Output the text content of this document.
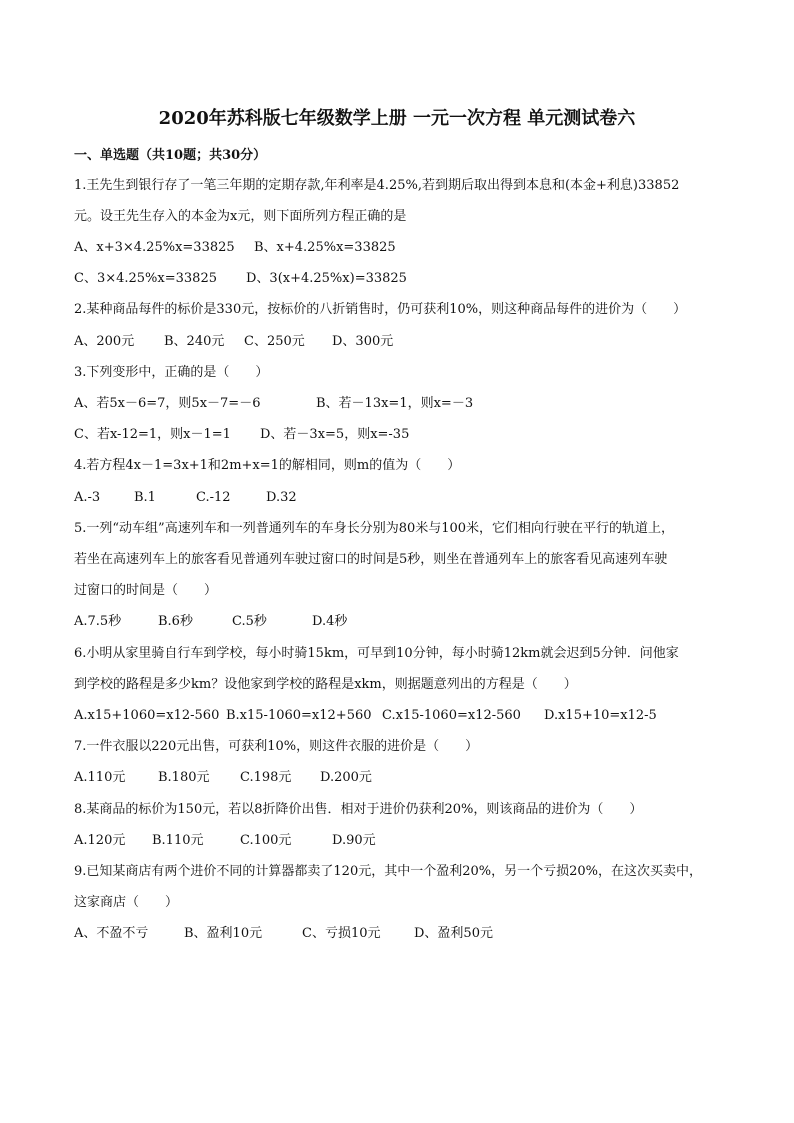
2020年苏科版七年级数学上册 一元一次方程 单元测试卷六
一、单选题（共10题；共30分）
1.王先生到银行存了一笔三年期的定期存款,年利率是4.25%,若到期后取出得到本息和(本金+利息)33852
元。设王先生存入的本金为x元，则下面所列方程正确的是
A、x+3×4.25%x=33825 B、x+4.25%x=33825
C、3×4.25%x=33825 D、3(x+4.25%x)=33825
2.某种商品每件的标价是330元，按标价的八折销售时，仍可获利10%，则这种商品每件的进价为（　　）
A、200元 B、240元 C、250元 D、300元
3.下列变形中，正确的是（　　）
A、若5x－6=7，则5x－7=－6	B、若－13x=1，则x=－3
C、若x-12=1，则x－1=1 D、若－3x=5，则x=-35
4.若方程4x－1=3x+1和2m+x=1的解相同，则m的值为（　　）
A.-3	B.1	C.-12	D.32
5.一列“动车组”高速列车和一列普通列车的车身长分别为80米与100米，它们相向行驶在平行的轨道上，
若坐在高速列车上的旅客看见普通列车驶过窗口的时间是5秒，则坐在普通列车上的旅客看见高速列车驶
过窗口的时间是（　　）
A.7.5秒	B.6秒	C.5秒	D.4秒
6.小明从家里骑自行车到学校，每小时骑15km，可早到10分钟，每小时骑12km就会迟到5分钟．问他家
到学校的路程是多少km？设他家到学校的路程是xkm，则据题意列出的方程是（　　）
A.x15+1060=x12-560 B.x15-1060=x12+560 C.x15-1060=x12-560 D.x15+10=x12-5
7.一件衣服以220元出售，可获利10%，则这件衣服的进价是（　　）
A.110元	B.180元 C.198元 D.200元
8.某商品的标价为150元，若以8折降价出售．相对于进价仍获利20%，则该商品的进价为（　　）
A.120元 B.110元	C.100元	D.90元
9.已知某商店有两个进价不同的计算器都卖了120元，其中一个盈利20%，另一个亏损20%，在这次买卖中，
这家商店（　　）
A、不盈不亏	B、盈利10元	C、亏损10元	D、盈利50元
